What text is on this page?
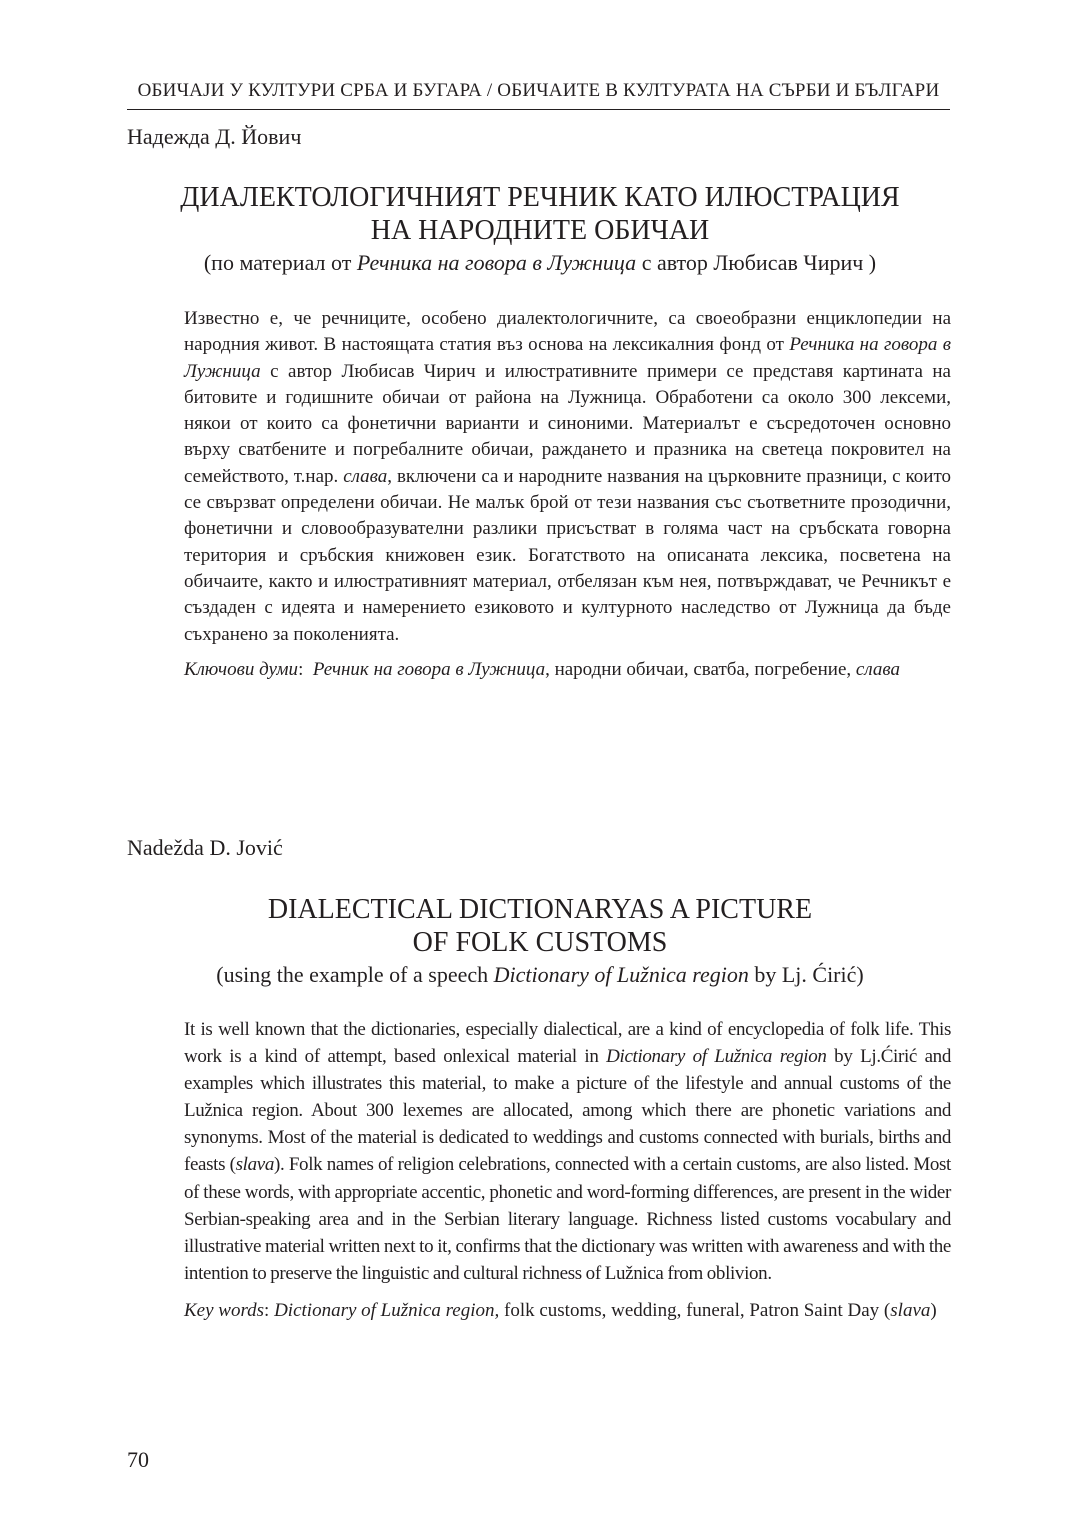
ОБИЧАЈИ У КУЛТУРИ СРБА И БУГАРА / ОБИЧАИТЕ В КУЛТУРАТА НА СЪРБИ И БЪЛГАРИ
Надежда Д. Йович
ДИАЛЕКТОЛОГИЧНИЯТ РЕЧНИК КАТО ИЛЮСТРАЦИЯ
НА НАРОДНИТЕ ОБИЧАИ
(по материал от Речника на говора в Лужница с автор Любисав Чирич )

Известно е, че речниците, особено диалектологичните, са своеобразни енциклопедии на народния живот. В настоящата статия въз основа на лексикалния фонд от Речника на говора в Лужница с автор Любисав Чирич и илюстративните примери се представя картината на битовите и годишните обичаи от района на Лужница. Обработени са около 300 лексеми, някои от които са фонетични варианти и синоними. Материалът е съсредоточен основно върху сватбените и погребалните обичаи, раждането и празника на светеца покровител на семейството, т.нар. слава, включени са и народните названия на църковните празници, с които се свързват определени обичаи. Не малък брой от тези названия със съответните прозодични, фонетични и словообразувателни разлики присъстват в голяма част на сръбската говорна територия и сръбския книжовен език. Богатството на описаната лексика, посветена на обичаите, както и илюстративният материал, отбелязан към нея, потвърждават, че Речникът е създаден с идеята и намерението езиковото и културното наследство от Лужница да бъде съхранено за поколенията.

Ключови думи:  Речник на говора в Лужница, народни обичаи, сватба, погребение, слава

Nadežda D. Jović
DIALECTICAL DICTIONARYAS A PICTURE
OF FOLK CUSTOMS
(using the example of a speech Dictionary of Lužnica region by Lj. Ćirić)

It is well known that the dictionaries, especially dialectical, are a kind of encyclopedia of folk life. This work is a kind of attempt, based onlexical material in Dictionary of Lužnica region by Lj.Ćirić and examples which illustrates this material, to make a picture of the lifestyle and annual customs of the Lužnica region. About 300 lexemes are allocated, among which there are phonetic variations and synonyms. Most of the material is dedicated to weddings and customs connected with burials, births and feasts (slava). Folk names of religion celebrations, connected with a certain customs, are also listed. Most of these words, with appropriate accentic, phonetic and word-forming differences, are present in the wider Serbian-speaking area and in the Serbian literary language. Richness listed customs vocabulary and illustrative material written next to it, confirms that the dictionary was written with awareness and with the intention to preserve the linguistic and cultural richness of Lužnica from oblivion.

Key words: Dictionary of Lužnica region, folk customs, wedding, funeral, Patron Saint Day (slava)

70
